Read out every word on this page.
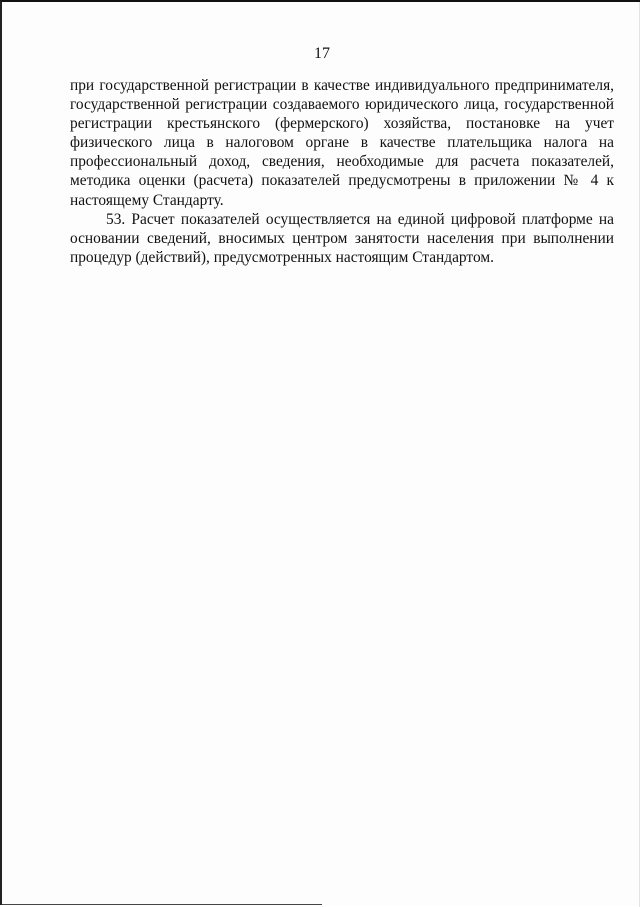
17

при государственной регистрации в качестве индивидуального предпринимателя, государственной регистрации создаваемого юридического лица, государственной регистрации крестьянского (фермерского) хозяйства, постановке на учет физического лица в налоговом органе в качестве плательщика налога на профессиональный доход, сведения, необходимые для расчета показателей, методика оценки (расчета) показателей предусмотрены в приложении № 4 к настоящему Стандарту.

53. Расчет показателей осуществляется на единой цифровой платформе на основании сведений, вносимых центром занятости населения при выполнении процедур (действий), предусмотренных настоящим Стандартом.
